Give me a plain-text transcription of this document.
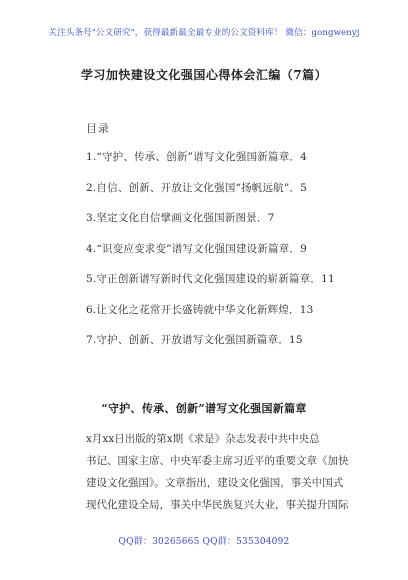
关注头条号"公文研究"，获得最新最全最专业的公文资料库！ 微信：gongwenyj
学习加快建设文化强国心得体会汇编（7篇）
目录
1.“守护、传承、创新”谱写文化强国新篇章．4
2.自信、创新、开放让文化强国“扬帆远航”．5
3.坚定文化自信擘画文化强国新图景．7
4.“识变应变求变”谱写文化强国建设新篇章．9
5.守正创新谱写新时代文化强国建设的崭新篇章．11
6.让文化之花常开长盛铸就中华文化新辉煌．13
7.守护、创新、开放谱写文化强国新篇章．15
“守护、传承、创新”谱写文化强国新篇章
x月xx日出版的第x期《求是》杂志发表中共中央总
书记、国家主席、中央军委主席习近平的重要文章《加快
建设文化强国》。文章指出，建设文化强国，事关中国式
现代化建设全局，事关中华民族复兴大业，事关提升国际
QQ群：30265665 QQ群：535304092
